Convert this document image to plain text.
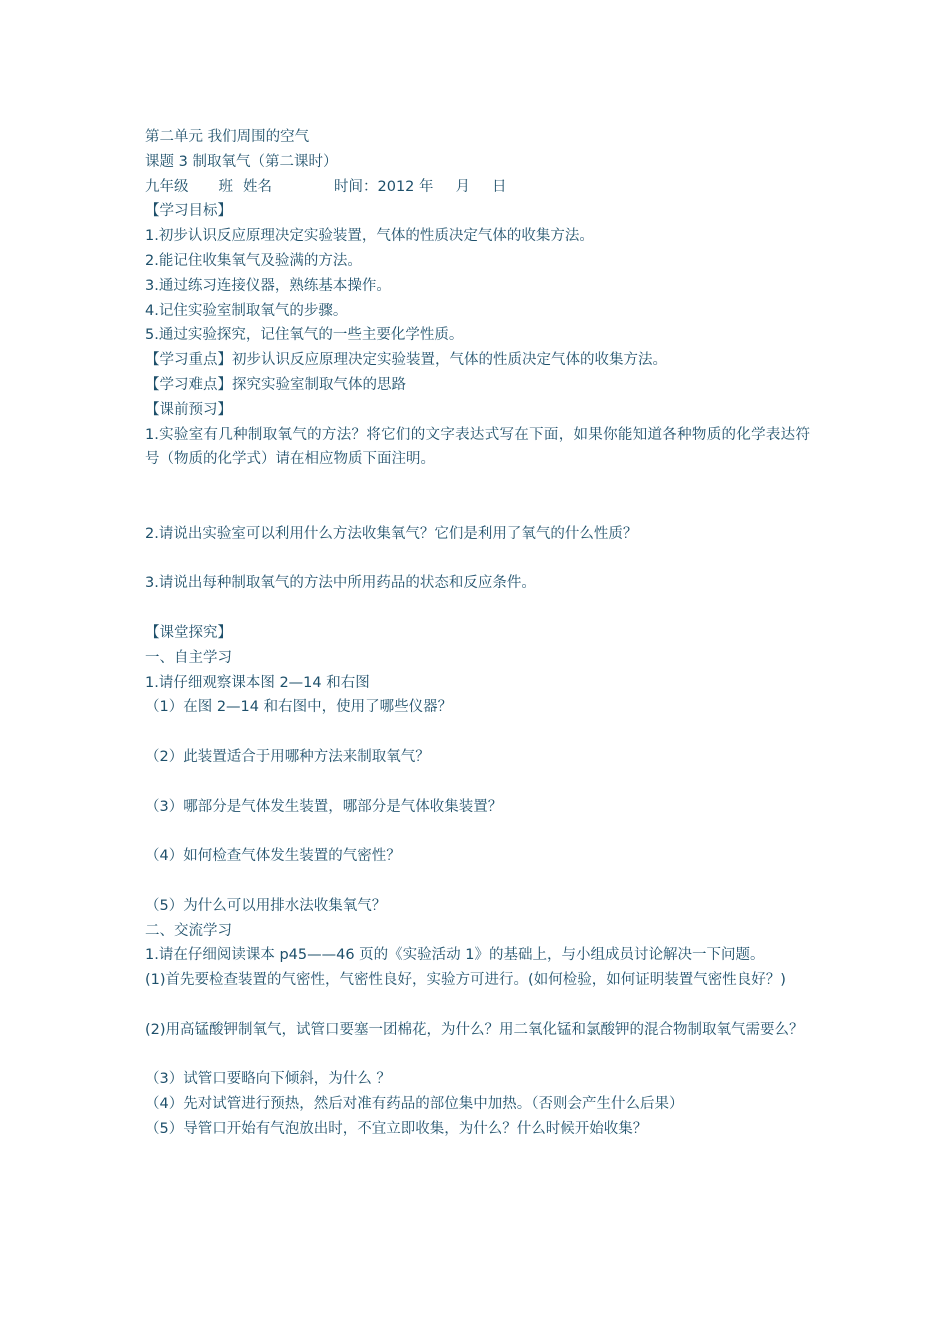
第二单元 我们周围的空气
课题 3 制取氧气（第二课时）
九年级 班 姓名	时间：2012 年 月 日
【学习目标】
1.初步认识反应原理决定实验装置，气体的性质决定气体的收集方法。
2.能记住收集氧气及验满的方法。
3.通过练习连接仪器，熟练基本操作。
4.记住实验室制取氧气的步骤。
5.通过实验探究，记住氧气的一些主要化学性质。
【学习重点】初步认识反应原理决定实验装置，气体的性质决定气体的收集方法。
【学习难点】探究实验室制取气体的思路
【课前预习】
1.实验室有几种制取氧气的方法？将它们的文字表达式写在下面，如果你能知道各种物质的化学表达符号（物质的化学式）请在相应物质下面注明。
2.请说出实验室可以利用什么方法收集氧气？它们是利用了氧气的什么性质？
3.请说出每种制取氧气的方法中所用药品的状态和反应条件。
【课堂探究】
一、自主学习
1.请仔细观察课本图 2—14 和右图
（1）在图 2—14 和右图中，使用了哪些仪器？
（2）此装置适合于用哪种方法来制取氧气？
（3）哪部分是气体发生装置，哪部分是气体收集装置？
（4）如何检查气体发生装置的气密性？
（5）为什么可以用排水法收集氧气？
二、交流学习
1.请在仔细阅读课本 p45——46 页的《实验活动 1》的基础上，与小组成员讨论解决一下问题。
(1)首先要检查装置的气密性，气密性良好，实验方可进行。(如何检验，如何证明装置气密性良好？)
(2)用高锰酸钾制氧气，试管口要塞一团棉花，为什么？用二氧化锰和氯酸钾的混合物制取氧气需要么？
（3）试管口要略向下倾斜，为什么 ？
（4）先对试管进行预热，然后对准有药品的部位集中加热。（否则会产生什么后果）
（5）导管口开始有气泡放出时，不宜立即收集，为什么？什么时候开始收集？
